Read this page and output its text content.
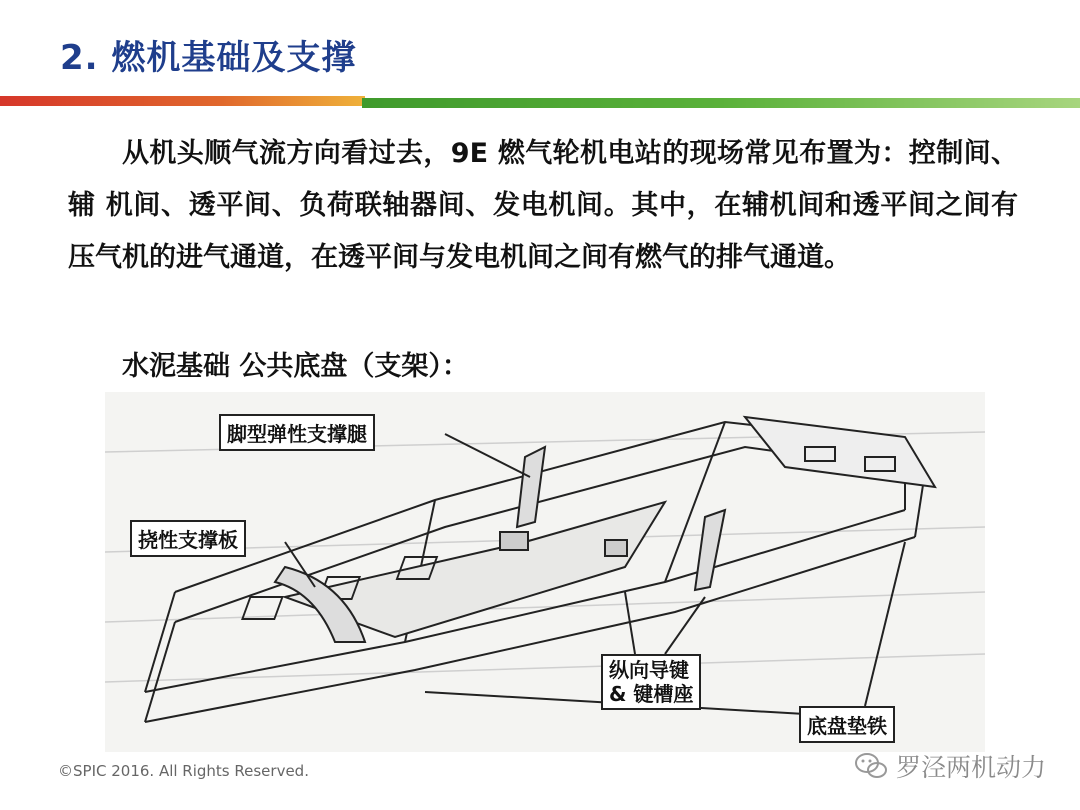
2. 燃机基础及支撑

从机头顺气流方向看过去，9E 燃气轮机电站的现场常见布置为：控制间、辅 机间、透平间、负荷联轴器间、发电机间。其中，在辅机间和透平间之间有压气机的进气通道，在透平间与发电机间之间有燃气的排气通道。

水泥基础 公共底盘（支架）：
脚型弹性支撑腿
挠性支撑板
纵向导键
& 键槽座
底盘垫铁
©SPIC 2016. All Rights Reserved.	罗泾两机动力
